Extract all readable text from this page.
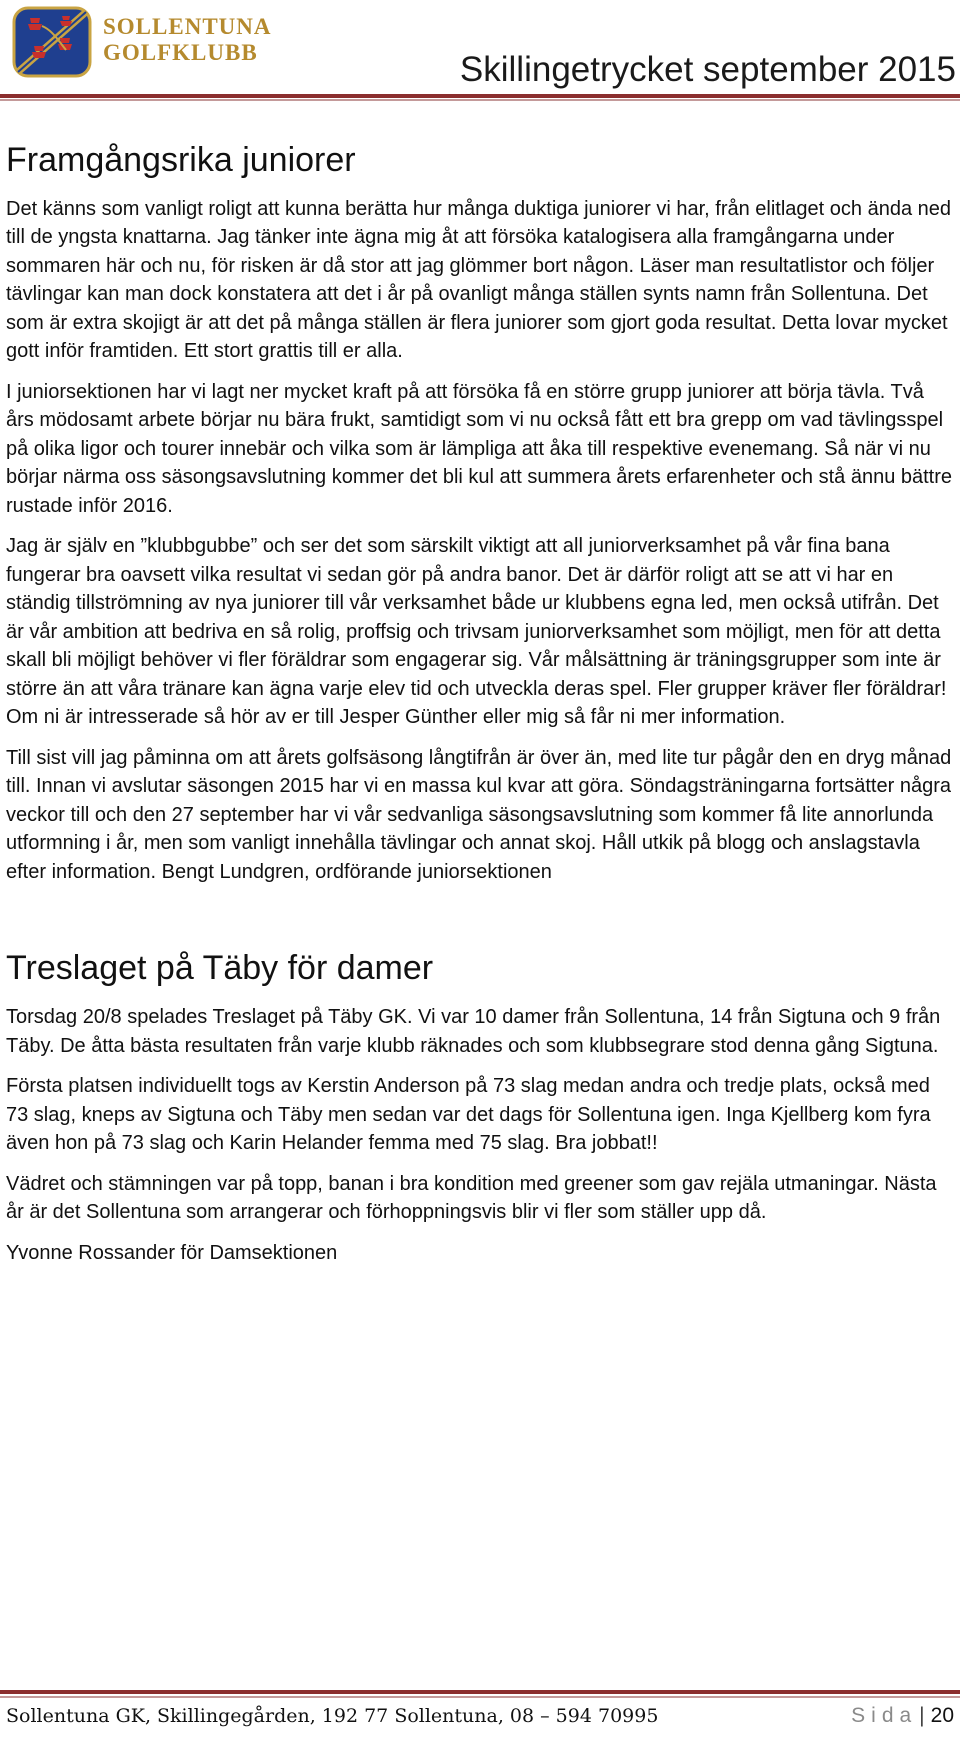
SOLLENTUNA
GOLFKLUBB	Skillingetrycket september 2015
Framgångsrika juniorer

Det känns som vanligt roligt att kunna berätta hur många duktiga juniorer vi har, från elitlaget och ända ned till de yngsta knattarna. Jag tänker inte ägna mig åt att försöka katalogisera alla framgångarna under sommaren här och nu, för risken är då stor att jag glömmer bort någon. Läser man resultatlistor och följer tävlingar kan man dock konstatera att det i år på ovanligt många ställen synts namn från Sollentuna. Det som är extra skojigt är att det på många ställen är flera juniorer som gjort goda resultat. Detta lovar mycket gott inför framtiden. Ett stort grattis till er alla.

I juniorsektionen har vi lagt ner mycket kraft på att försöka få en större grupp juniorer att börja tävla. Två års mödosamt arbete börjar nu bära frukt, samtidigt som vi nu också fått ett bra grepp om vad tävlingsspel på olika ligor och tourer innebär och vilka som är lämpliga att åka till respektive evenemang. Så när vi nu börjar närma oss säsongsavslutning kommer det bli kul att summera årets erfarenheter och stå ännu bättre rustade inför 2016.

Jag är själv en ”klubbgubbe” och ser det som särskilt viktigt att all juniorverksamhet på vår fina bana fungerar bra oavsett vilka resultat vi sedan gör på andra banor. Det är därför roligt att se att vi har en ständig tillströmning av nya juniorer till vår verksamhet både ur klubbens egna led, men också utifrån. Det är vår ambition att bedriva en så rolig, proffsig och trivsam juniorverksamhet som möjligt, men för att detta skall bli möjligt behöver vi fler föräldrar som engagerar sig. Vår målsättning är träningsgrupper som inte är större än att våra tränare kan ägna varje elev tid och utveckla deras spel. Fler grupper kräver fler föräldrar! Om ni är intresserade så hör av er till Jesper Günther eller mig så får ni mer information.

Till sist vill jag påminna om att årets golfsäsong långtifrån är över än, med lite tur pågår den en dryg månad till. Innan vi avslutar säsongen 2015 har vi en massa kul kvar att göra. Söndagsträningarna fortsätter några veckor till och den 27 september har vi vår sedvanliga säsongsavslutning som kommer få lite annorlunda utformning i år, men som vanligt innehålla tävlingar och annat skoj. Håll utkik på blogg och anslagstavla efter information. Bengt Lundgren, ordförande juniorsektionen

Treslaget på Täby för damer

Torsdag 20/8 spelades Treslaget på Täby GK. Vi var 10 damer från Sollentuna, 14 från Sigtuna och 9 från Täby. De åtta bästa resultaten från varje klubb räknades och som klubbsegrare stod denna gång Sigtuna.

Första platsen individuellt togs av Kerstin Anderson på 73 slag medan andra och tredje plats, också med 73 slag, kneps av Sigtuna och Täby men sedan var det dags för Sollentuna igen. Inga Kjellberg kom fyra även hon på 73 slag och Karin Helander femma med 75 slag. Bra jobbat!!

Vädret och stämningen var på topp, banan i bra kondition med greener som gav rejäla utmaningar. Nästa år är det Sollentuna som arrangerar och förhoppningsvis blir vi fler som ställer upp då.

Yvonne Rossander för Damsektionen

Sollentuna GK, Skillingegården, 192 77 Sollentuna, 08 – 594 70995	Sida| 20
